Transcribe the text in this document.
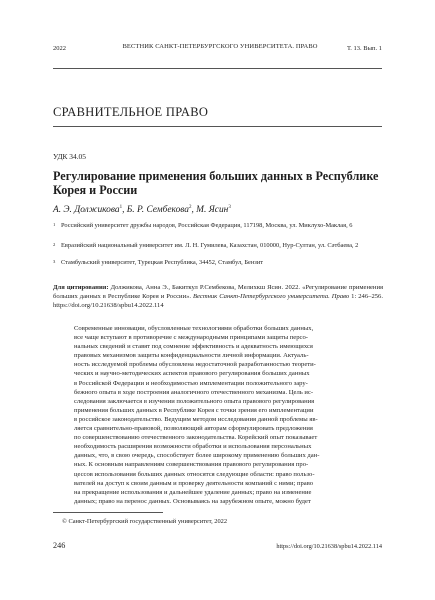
2022	ВЕСТНИК САНКТ-ПЕТЕРБУРГСКОГО УНИВЕРСИТЕТА. ПРАВО	Т. 13. Вып. 1
СРАВНИТЕЛЬНОЕ ПРАВО
УДК 34.05
Регулирование применения больших данных в Республике Корея и России
А. Э. Должикова$^1$, Б. Р. Сембекова$^2$, М. Ясин$^3$
1 Российский университет дружбы народов, Российская Федерация, 117198, Москва, ул. Миклухо-Маклая, 6
2 Евразийский национальный университет им. Л. Н. Гумилева, Казахстан, 010000, Нур-Султан, ул. Сәтбаева, 2
3 Стамбульский университет, Турецкая Республика, 34452, Стамбул, Бензит
Для цитирования: Должикова, Анна Э., Бакиткул Р.Сембекова, Мелихкш Ясин. 2022. «Регулирование применения больших данных в Республике Корея и России». Вестник Санкт-Петербургского университета. Право 1: 246–256. https://doi.org/10.21638/spbu14.2022.114
Современные инновации, обусловленные технологиями обработки больших данных,
все чаще вступают в противоречие с международными принципами защиты персо-
нальных сведений и ставят под сомнение эффективность и адекватность имеющихся
правовых механизмов защиты конфиденциальности личной информации. Актуаль-
ность исследуемой проблемы обусловлена недостаточной разработанностью теорети-
ческих и научно-методических аспектов правового регулирования больших данных
в Российской Федерации и необходимостью имплементации положительного зару-
бежного опыта в ходе построения аналогичного отечественного механизма. Цель ис-
следования заключается в изучении положительного опыта правового регулирования
применения больших данных в Республике Корея с точки зрения его имплементации
в российское законодательство. Ведущим методом исследования данной проблемы яв-
ляется сравнительно-правовой, позволяющий авторам сформулировать предложения
по совершенствованию отечественного законодательства. Корейский опыт показывает
необходимость расширения возможности обработки и использования персональных
данных, что, в свою очередь, способствует более широкому применению больших дан-
ных. К основным направлениям совершенствования правового регулирования про-
цессов использования больших данных относятся следующие области: право пользо-
вателей на доступ к своим данным и проверку деятельности компаний с ними; право
на прекращение использования и дальнейшее удаление данных; право на изменение
данных; право на перенос данных. Основываясь на зарубежном опыте, можно будет
© Санкт-Петербургский государственный университет, 2022
246	https://doi.org/10.21638/spbu14.2022.114
